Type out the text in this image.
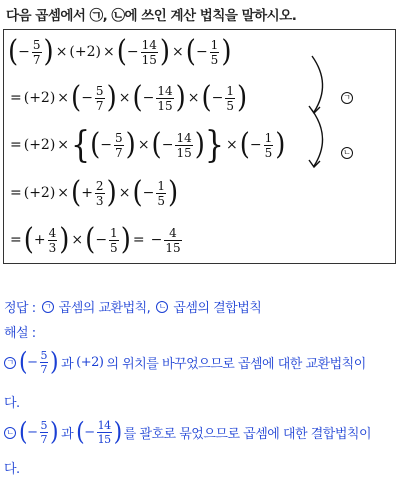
다음 곱셈에서 ㉠, ㉡에 쓰인 계산 법칙을 말하시오.
( − $\frac{5}{7}$ ) × (+2) × ( − $\frac{14}{15}$ ) × ( − $\frac{1}{5}$ )
= (+2) × ( − $\frac{5}{7}$ ) × ( − $\frac{14}{15}$ ) × ( − $\frac{1}{5}$ )
= (+2) × { ( − $\frac{5}{7}$ ) × ( − $\frac{14}{15}$ ) } × ( − $\frac{1}{5}$ )
= (+2) × ( + $\frac{2}{3}$ ) × ( − $\frac{1}{5}$ )
= ( + $\frac{4}{3}$ ) × ( − $\frac{1}{5}$ ) = − $\frac{4}{15}$
ㄱ
ㄴ
정답 : ㄱ 곱셈의 교환법칙, ㄴ 곱셈의 결합법칙
해설 :
ㄱ ( − $\frac{5}{7}$ ) 과 (+2) 의 위치를 바꾸었으므로 곱셈에 대한 교환법칙이
다.
ㄴ ( − $\frac{5}{7}$ ) 과 ( − $\frac{14}{15}$ ) 를 괄호로 묶었으므로 곱셈에 대한 결합법칙이
다.
